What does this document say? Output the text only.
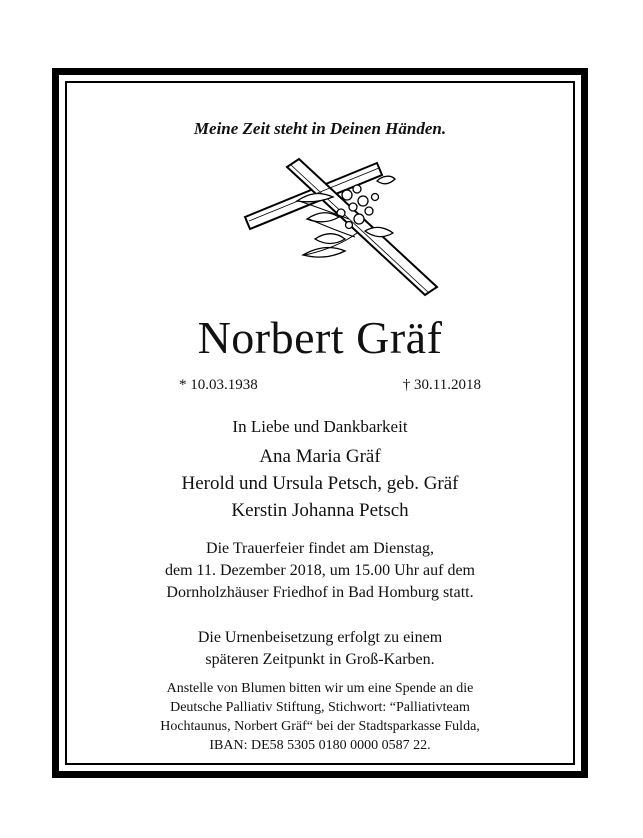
Meine Zeit steht in Deinen Händen.
Norbert Gräf
* 10.03.1938	† 30.11.2018
In Liebe und Dankbarkeit
Ana Maria Gräf
Herold und Ursula Petsch, geb. Gräf
Kerstin Johanna Petsch
Die Trauerfeier findet am Dienstag,
dem 11. Dezember 2018, um 15.00 Uhr auf dem
Dornholzhäuser Friedhof in Bad Homburg statt.
Die Urnenbeisetzung erfolgt zu einem
späteren Zeitpunkt in Groß-Karben.
Anstelle von Blumen bitten wir um eine Spende an die
Deutsche Palliativ Stiftung, Stichwort: “Palliativteam
Hochtaunus, Norbert Gräf“ bei der Stadtsparkasse Fulda,
IBAN: DE58 5305 0180 0000 0587 22.
